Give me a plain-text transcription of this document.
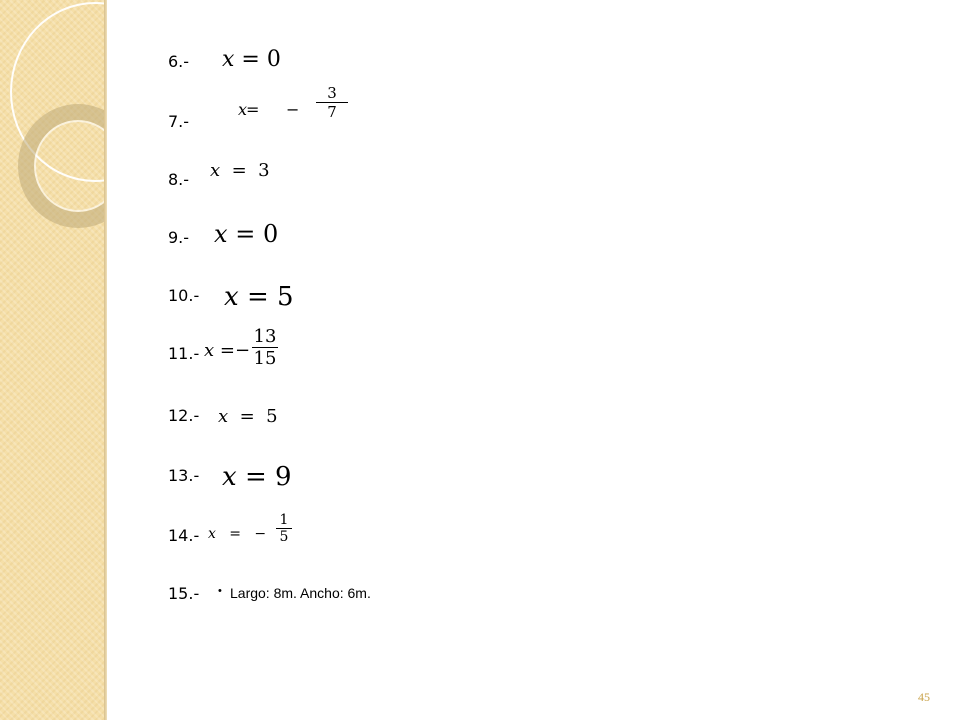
6.- x = 0
7.-
x
= −
3
7
8.- x = 3
9.- x = 0
10.- x = 5
11.- x =−
13
15
12.- x = 5
13.- x = 9
14.- x = −
1
5
15.- • Largo: 8m. Ancho: 6m.
45
